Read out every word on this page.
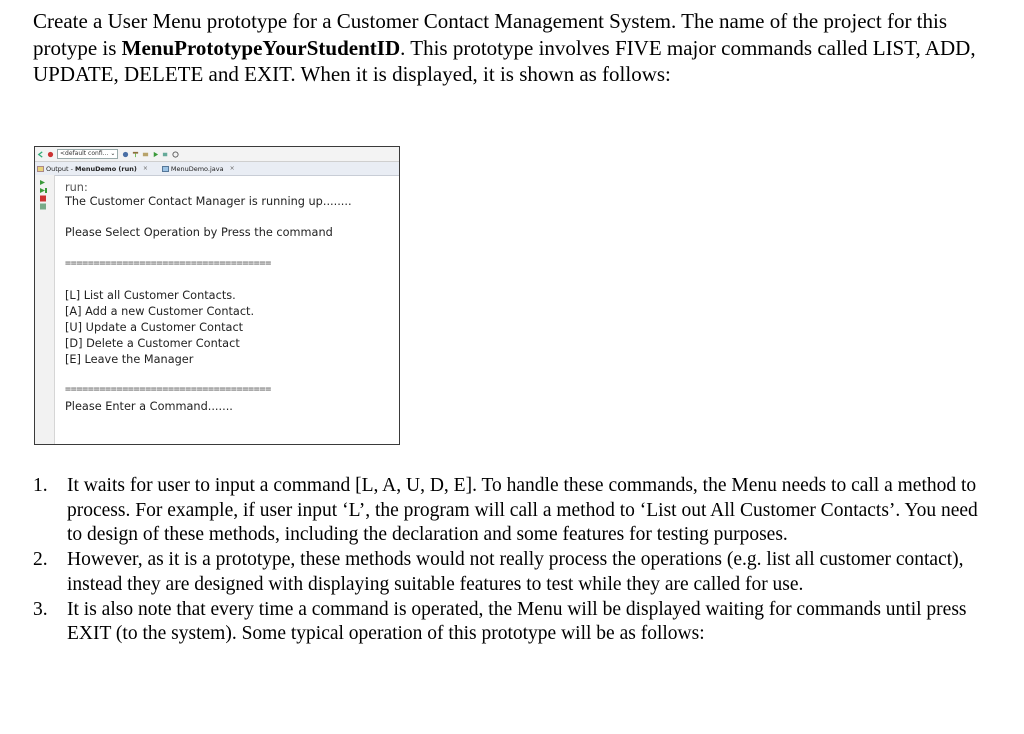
Create a User Menu prototype for a Customer Contact Management System. The name of the project for this protype is MenuPrototypeYourStudentID. This prototype involves FIVE major commands called LIST, ADD, UPDATE, DELETE and EXIT. When it is displayed, it is shown as follows:

<default confi... ⌄
Output - MenuDemo (run) ×	MenuDemo.java ×
run:
The Customer Contact Manager is running up........
Please Select Operation by Press the command
====================================
[L] List all Customer Contacts.
[A] Add a new Customer Contact.
[U] Update a Customer Contact
[D] Delete a Customer Contact
[E] Leave the Manager
====================================
Please Enter a Command.......
1. It waits for user to input a command [L, A, U, D, E]. To handle these commands, the Menu needs to call a method to process. For example, if user input ‘L’, the program will call a method to ‘List out All Customer Contacts’. You need to design of these methods, including the declaration and some features for testing purposes.
2. However, as it is a prototype, these methods would not really process the operations (e.g. list all customer contact), instead they are designed with displaying suitable features to test while they are called for use.
3. It is also note that every time a command is operated, the Menu will be displayed waiting for commands until press EXIT (to the system). Some typical operation of this prototype will be as follows:
